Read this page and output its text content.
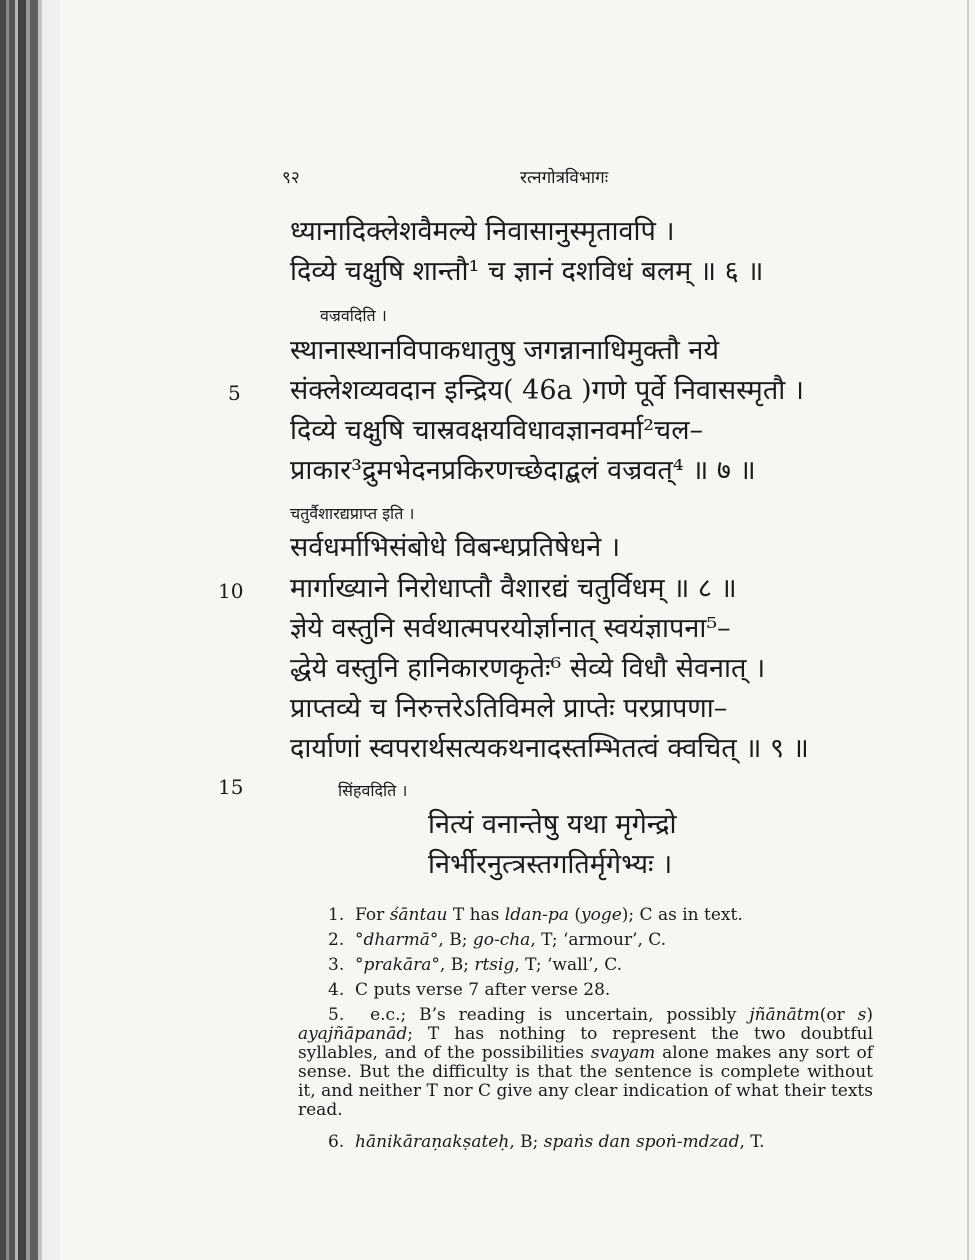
९२	रत्नगोत्रविभागः
ध्यानादिक्लेशवैमल्ये निवासानुस्मृतावपि ।
दिव्ये चक्षुषि शान्तौ¹ च ज्ञानं दशविधं बलम् ॥ ६ ॥
वज्रवदिति ।
स्थानास्थानविपाकधातुषु जगन्नानाधिमुक्तौ नये
संक्लेशव्यवदान इन्द्रिय( 46a )गणे पूर्वे निवासस्मृतौ ।
दिव्ये चक्षुषि चास्रवक्षयविधावज्ञानवर्मा²चल–
प्राकार³द्रुमभेदनप्रकिरणच्छेदाद्बलं वज्रवत्⁴ ॥ ७ ॥
चतुर्वैशारद्यप्राप्त इति ।
सर्वधर्माभिसंबोधे विबन्धप्रतिषेधने ।
मार्गाख्याने निरोधाप्तौ वैशारद्यं चतुर्विधम् ॥ ८ ॥
ज्ञेये वस्तुनि सर्वथात्मपरयोर्ज्ञानात् स्वयंज्ञापना⁵–
द्धेये वस्तुनि हानिकारणकृतेः⁶ सेव्ये विधौ सेवनात् ।
प्राप्तव्ये च निरुत्तरेऽतिविमले प्राप्तेः परप्रापणा–
दार्याणां स्वपरार्थसत्यकथनादस्तम्भितत्वं क्वचित् ॥ ९ ॥
सिंहवदिति ।
नित्यं वनान्तेषु यथा मृगेन्द्रो
निर्भीरनुत्त्रस्तगतिर्मृगेभ्यः ।
5
10
15
1. For śāntau T has ldan-pa (yoge); C as in text.
2. °dharmā°, B; go-cha, T; ‘armour’, C.
3. °prakāra°, B; rtsig, T; ‘wall’, C.
4. C puts verse 7 after verse 28.
5. e.c.; B’s reading is uncertain, possibly jñānātm(or s) ayajñāpanād; T has nothing to represent the two doubtful syllables, and of the possibilities svayam alone makes any sort of sense. But the difficulty is that the sentence is complete without it, and neither T nor C give any clear indication of what their texts read.
6. hānikāraṇakṣateḥ, B; spaṅs dan spoṅ-mdzad, T.
